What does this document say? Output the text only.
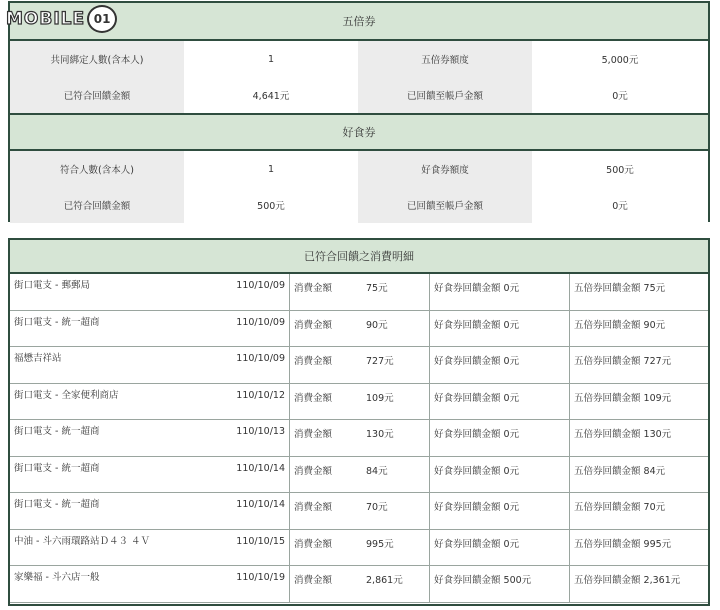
五倍券
共同綁定人數(含本人)	1	五倍券額度	5,000元
已符合回饋金額	4,641元	已回饋至帳戶金額	0元
好食券
符合人數(含本人)	1	好食券額度	500元
已符合回饋金額	500元	已回饋至帳戶金額	0元
MOBILE 01
已符合回饋之消費明細
街口電支 - 郵郵局	110/10/09 消費金額	75元	好食券回饋金額 0元	五倍券回饋金額 75元
街口電支 - 統一超商	110/10/09 消費金額	90元	好食券回饋金額 0元	五倍券回饋金額 90元
福懋吉祥站	110/10/09 消費金額	727元	好食券回饋金額 0元	五倍券回饋金額 727元
街口電支 - 全家便利商店	110/10/12 消費金額	109元	好食券回饋金額 0元	五倍券回饋金額 109元
街口電支 - 統一超商	110/10/13 消費金額	130元	好食券回饋金額 0元	五倍券回饋金額 130元
街口電支 - 統一超商	110/10/14 消費金額	84元	好食券回饋金額 0元	五倍券回饋金額 84元
街口電支 - 統一超商	110/10/14 消費金額	70元	好食券回饋金額 0元	五倍券回饋金額 70元
中油 - 斗六雨環路站Ｄ４３ ４Ｖ	110/10/15 消費金額	995元	好食券回饋金額 0元	五倍券回饋金額 995元
家樂福 - 斗六店一般	110/10/19 消費金額	2,861元	好食券回饋金額 500元	五倍券回饋金額 2,361元
